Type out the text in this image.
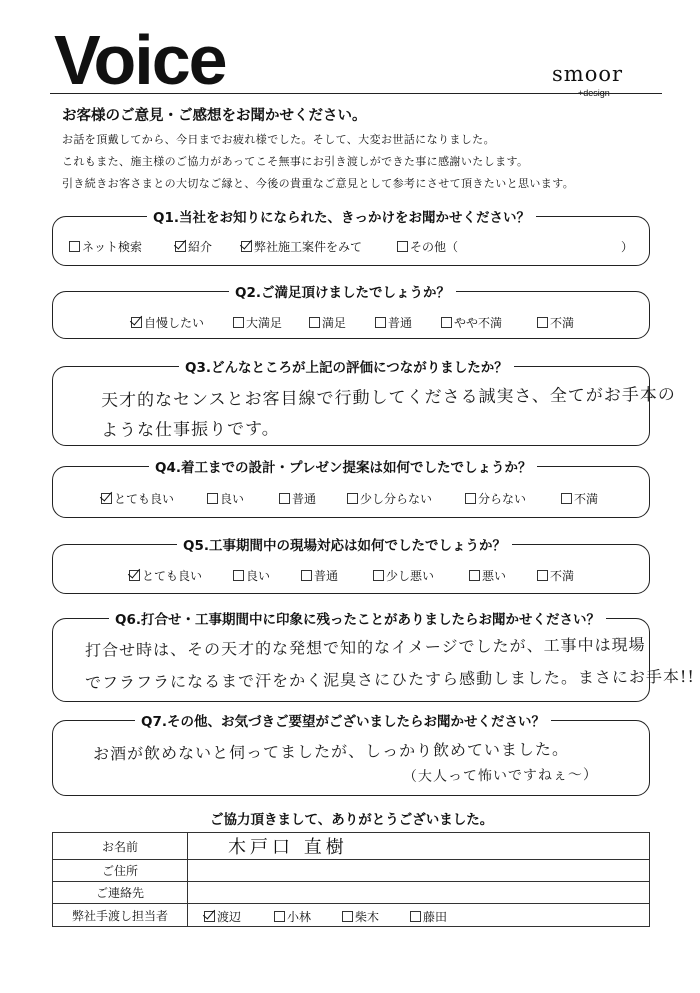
Voice	smoor
+design
お客様のご意見・ご感想をお聞かせください。
お話を頂戴してから、今日までお疲れ様でした。そして、大変お世話になりました。
これもまた、施主様のご協力があってこそ無事にお引き渡しができた事に感謝いたします。
引き続きお客さまとの大切なご縁と、今後の貴重なご意見として参考にさせて頂きたいと思います。
Q1.当社をお知りになられた、きっかけをお聞かせください？
ネット検索	紹介	弊社施工案件をみて	その他（	）
Q2.ご満足頂けましたでしょうか？
自慢したい	大満足	満足	普通	やや不満	不満
Q3.どんなところが上記の評価につながりましたか？
天才的なセンスとお客目線で行動してくださる誠実さ、全てがお手本の
ような仕事振りです。
Q4.着工までの設計・プレゼン提案は如何でしたでしょうか？
とても良い	良い	普通	少し分らない	分らない	不満
Q5.工事期間中の現場対応は如何でしたでしょうか？
とても良い	良い	普通	少し悪い	悪い	不満
Q6.打合せ・工事期間中に印象に残ったことがありましたらお聞かせください？
打合せ時は、その天才的な発想で知的なイメージでしたが、工事中は現場
でフラフラになるまで汗をかく泥臭さにひたすら感動しました。まさにお手本!!
Q7.その他、お気づきご要望がございましたらお聞かせください？
お酒が飲めないと伺ってましたが、しっかり飲めていました。
（大人って怖いですねぇ〜）
ご協力頂きまして、ありがとうございました。
お名前	木戸口 直樹
ご住所	
ご連絡先	
弊社手渡し担当者	渡辺 小林 柴木 藤田
